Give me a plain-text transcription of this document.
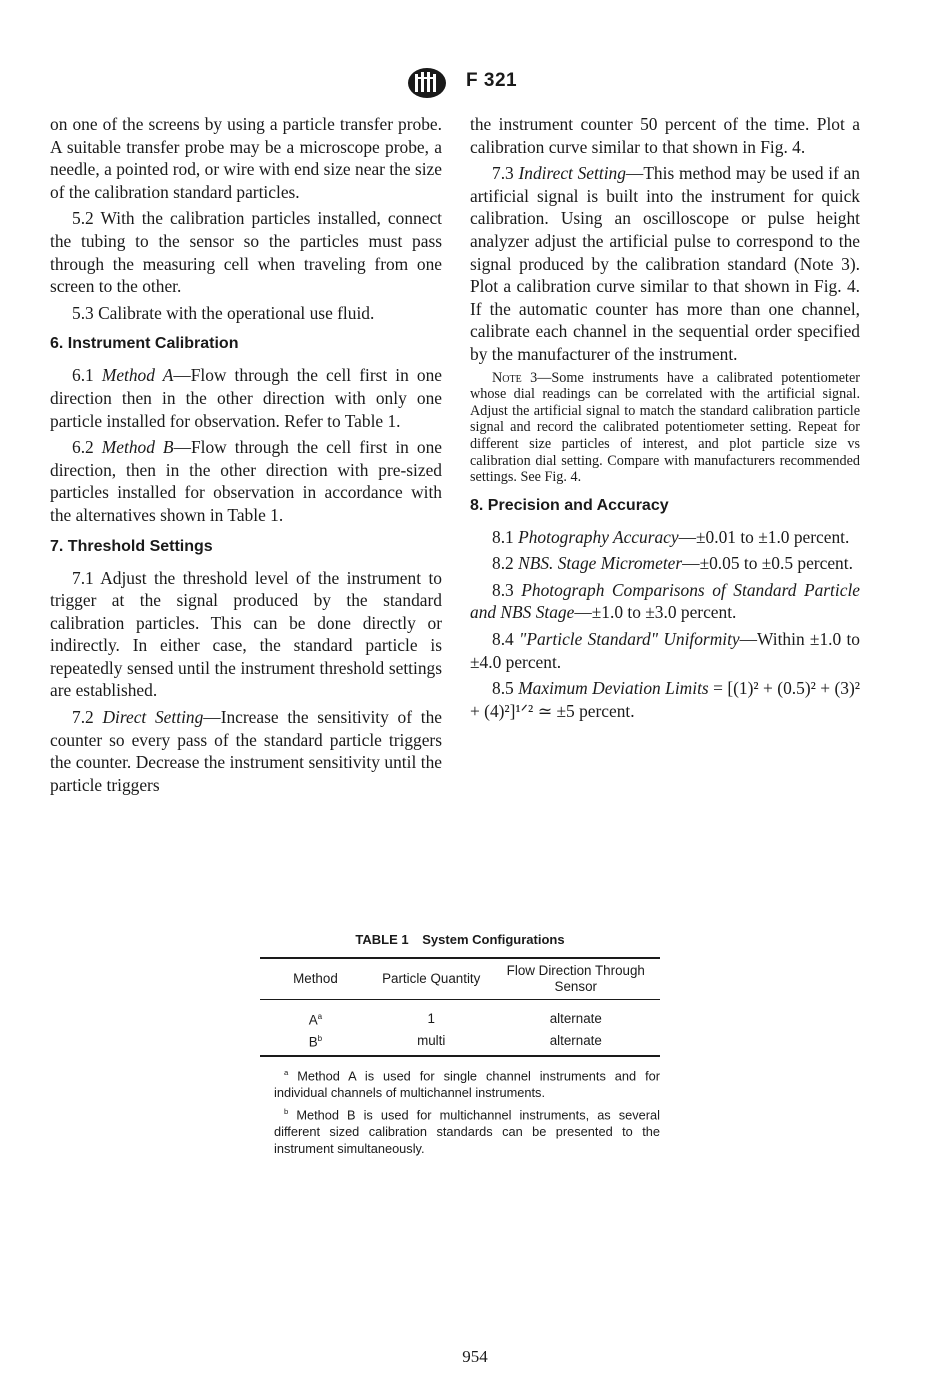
F 321

on one of the screens by using a particle transfer probe. A suitable transfer probe may be a microscope probe, a needle, a pointed rod, or wire with end size near the size of the calibration standard particles.

5.2 With the calibration particles installed, connect the tubing to the sensor so the particles must pass through the measuring cell when traveling from one screen to the other.

5.3 Calibrate with the operational use fluid.

6. Instrument Calibration

6.1 Method A—Flow through the cell first in one direction then in the other direction with only one particle installed for observation. Refer to Table 1.

6.2 Method B—Flow through the cell first in one direction, then in the other direction with pre-sized particles installed for observation in accordance with the alternatives shown in Table 1.

7. Threshold Settings

7.1 Adjust the threshold level of the instrument to trigger at the signal produced by the standard calibration particles. This can be done directly or indirectly. In either case, the standard particle is repeatedly sensed until the instrument threshold settings are established.

7.2 Direct Setting—Increase the sensitivity of the counter so every pass of the standard particle triggers the counter. Decrease the instrument sensitivity until the particle triggers

the instrument counter 50 percent of the time. Plot a calibration curve similar to that shown in Fig. 4.

7.3 Indirect Setting—This method may be used if an artificial signal is built into the instrument for quick calibration. Using an oscilloscope or pulse height analyzer adjust the artificial pulse to correspond to the signal produced by the calibration standard (Note 3). Plot a calibration curve similar to that shown in Fig. 4. If the automatic counter has more than one channel, calibrate each channel in the sequential order specified by the manufacturer of the instrument.

Note 3—Some instruments have a calibrated potentiometer whose dial readings can be correlated with the artificial signal. Adjust the artificial signal to match the standard calibration particle signal and record the calibrated potentiometer setting. Repeat for different size particles of interest, and plot particle size vs calibration dial setting. Compare with manufacturers recommended settings. See Fig. 4.

8. Precision and Accuracy

8.1 Photography Accuracy—±0.01 to ±1.0 percent.

8.2 NBS. Stage Micrometer—±0.05 to ±0.5 percent.

8.3 Photograph Comparisons of Standard Particle and NBS Stage—±1.0 to ±3.0 percent.

8.4 "Particle Standard" Uniformity—Within ±1.0 to ±4.0 percent.

8.5 Maximum Deviation Limits = [(1)² + (0.5)² + (3)² + (4)²]¹ᐟ² ≃ ±5 percent.

TABLE 1 System Configurations
Method	Particle Quantity	Flow Direction Through Sensor
$A^a$	1	alternate
$B^b$	multi	alternate

$^a$ Method A is used for single channel instruments and for individual channels of multichannel instruments.

$^b$ Method B is used for multichannel instruments, as several different sized calibration standards can be presented to the instrument simultaneously.

954
